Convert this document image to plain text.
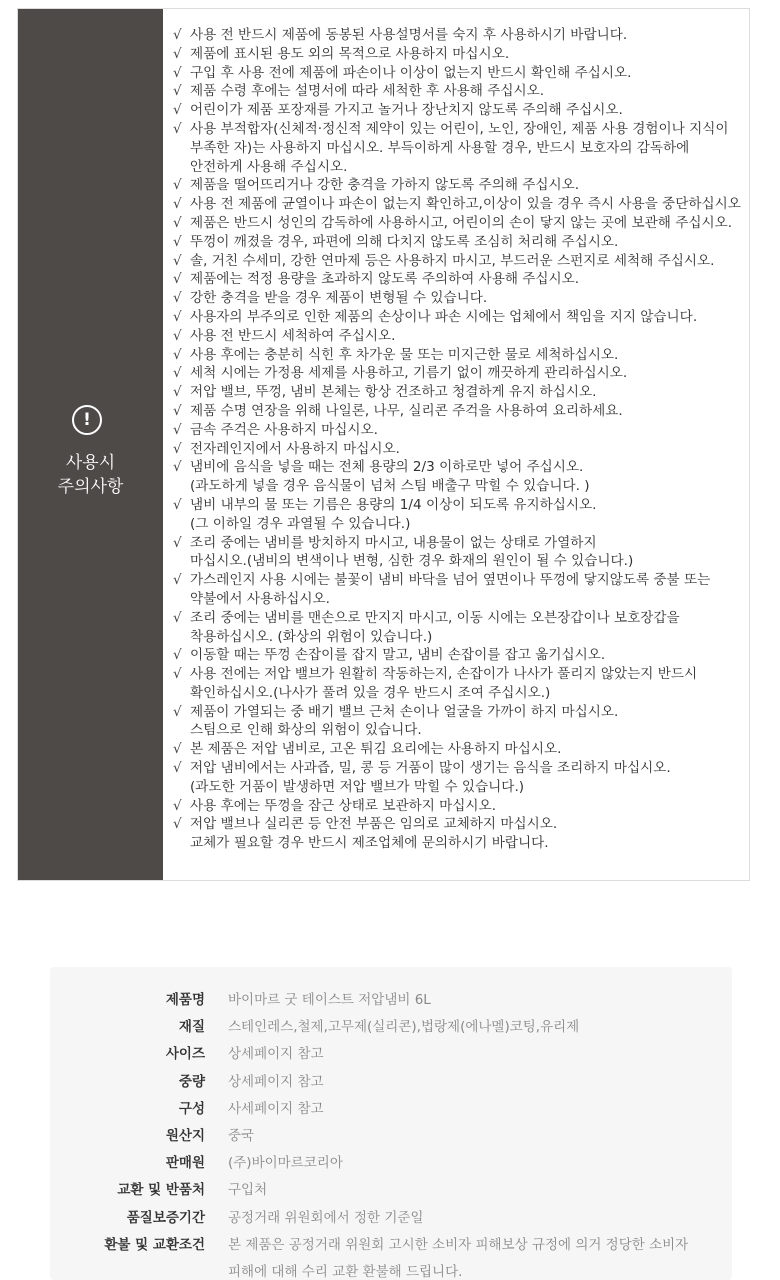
!
사용시
주의사항
√ 사용 전 반드시 제품에 동봉된 사용설명서를 숙지 후 사용하시기 바랍니다.
√ 제품에 표시된 용도 외의 목적으로 사용하지 마십시오.
√ 구입 후 사용 전에 제품에 파손이나 이상이 없는지 반드시 확인해 주십시오.
√ 제품 수령 후에는 설명서에 따라 세척한 후 사용해 주십시오.
√ 어린이가 제품 포장재를 가지고 놀거나 장난치지 않도록 주의해 주십시오.
√ 사용 부적합자(신체적·정신적 제약이 있는 어린이, 노인, 장애인, 제품 사용 경험이나 지식이
부족한 자)는 사용하지 마십시오. 부득이하게 사용할 경우, 반드시 보호자의 감독하에
안전하게 사용해 주십시오.
√ 제품을 떨어뜨리거나 강한 충격을 가하지 않도록 주의해 주십시오.
√ 사용 전 제품에 균열이나 파손이 없는지 확인하고,이상이 있을 경우 즉시 사용을 중단하십시오
√ 제품은 반드시 성인의 감독하에 사용하시고, 어린이의 손이 닿지 않는 곳에 보관해 주십시오.
√ 뚜껑이 깨졌을 경우, 파편에 의해 다치지 않도록 조심히 처리해 주십시오.
√ 솔, 거친 수세미, 강한 연마제 등은 사용하지 마시고, 부드러운 스펀지로 세척해 주십시오.
√ 제품에는 적정 용량을 초과하지 않도록 주의하여 사용해 주십시오.
√ 강한 충격을 받을 경우 제품이 변형될 수 있습니다.
√ 사용자의 부주의로 인한 제품의 손상이나 파손 시에는 업체에서 책임을 지지 않습니다.
√ 사용 전 반드시 세척하여 주십시오.
√ 사용 후에는 충분히 식힌 후 차가운 물 또는 미지근한 물로 세척하십시오.
√ 세척 시에는 가정용 세제를 사용하고, 기름기 없이 깨끗하게 관리하십시오.
√ 저압 밸브, 뚜껑, 냄비 본체는 항상 건조하고 청결하게 유지 하십시오.
√ 제품 수명 연장을 위해 나일론, 나무, 실리콘 주걱을 사용하여 요리하세요.
√ 금속 주걱은 사용하지 마십시오.
√ 전자레인지에서 사용하지 마십시오.
√ 냄비에 음식을 넣을 때는 전체 용량의 2/3 이하로만 넣어 주십시오.
(과도하게 넣을 경우 음식물이 넘처 스팀 배출구 막힐 수 있습니다. )
√ 냄비 내부의 물 또는 기름은 용량의 1/4 이상이 되도록 유지하십시오.
(그 이하일 경우 과열될 수 있습니다.)
√ 조리 중에는 냄비를 방치하지 마시고, 내용물이 없는 상태로 가열하지
마십시오.(냄비의 변색이나 변형, 심한 경우 화재의 원인이 될 수 있습니다.)
√ 가스레인지 사용 시에는 불꽃이 냄비 바닥을 넘어 옆면이나 뚜껑에 닿지않도록 중불 또는
약불에서 사용하십시오.
√ 조리 중에는 냄비를 맨손으로 만지지 마시고, 이동 시에는 오븐장갑이나 보호장갑을
착용하십시오. (화상의 위험이 있습니다.)
√ 이동할 때는 뚜껑 손잡이를 잡지 말고, 냄비 손잡이를 잡고 옮기십시오.
√ 사용 전에는 저압 밸브가 원활히 작동하는지, 손잡이가 나사가 풀리지 않았는지 반드시
확인하십시오.(나사가 풀려 있을 경우 반드시 조여 주십시오.)
√ 제품이 가열되는 중 배기 밸브 근처 손이나 얼굴을 가까이 하지 마십시오.
스팀으로 인해 화상의 위험이 있습니다.
√ 본 제품은 저압 냄비로, 고온 튀김 요리에는 사용하지 마십시오.
√ 저압 냄비에서는 사과즙, 밀, 콩 등 거품이 많이 생기는 음식을 조리하지 마십시오.
(과도한 거품이 발생하면 저압 밸브가 막힐 수 있습니다.)
√ 사용 후에는 뚜껑을 잠근 상태로 보관하지 마십시오.
√ 저압 밸브나 실리콘 등 안전 부품은 임의로 교체하지 마십시오.
교체가 필요할 경우 반드시 제조업체에 문의하시기 바랍니다.
제품명 바이마르 굿 테이스트 저압냄비 6L
재질 스테인레스,철제,고무제(실리콘),법랑제(에나멜)코팅,유리제
사이즈 상세페이지 참고
중량 상세페이지 참고
구성 사세페이지 참고
원산지 중국
판매원 (주)바이마르코리아
교환 및 반품처 구입처
품질보증기간 공정거래 위원회에서 정한 기준일
환불 및 교환조건 본 제품은 공정거래 위원회 고시한 소비자 피해보상 규정에 의거 정당한 소비자
피해에 대해 수리 교환 환불해 드립니다.
